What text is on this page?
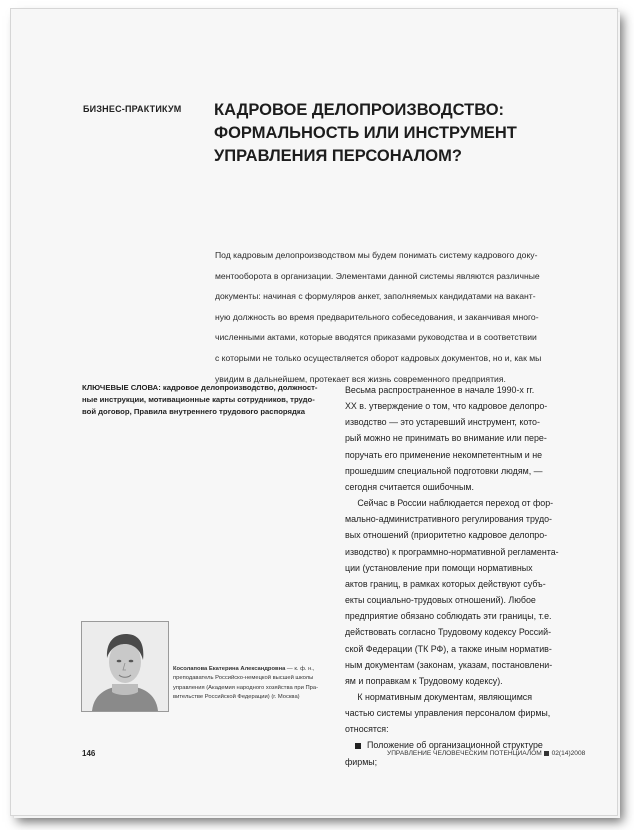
БИЗНЕС-ПРАКТИКУМ КАДРОВОЕ ДЕЛОПРОИЗВОДСТВО:
ФОРМАЛЬНОСТЬ ИЛИ ИНСТРУМЕНТ
УПРАВЛЕНИЯ ПЕРСОНАЛОМ?
Под кадровым делопроизводством мы будем понимать систему кадрового доку-
ментооборота в организации. Элементами данной системы являются различные
документы: начиная с формуляров анкет, заполняемых кандидатами на вакант-
ную должность во время предварительного собеседования, и заканчивая много-
численными актами, которые вводятся приказами руководства и в соответствии
с которыми не только осуществляется оборот кадровых документов, но и, как мы
увидим в дальнейшем, протекает вся жизнь современного предприятия.
КЛЮЧЕВЫЕ СЛОВА: кадровое делопроизводство, должност-
ные инструкции, мотивационные карты сотрудников, трудо-
вой договор, Правила внутреннего трудового распорядка
Весьма распространенное в начале 1990-х гг.
XX в. утверждение о том, что кадровое делопро-
изводство — это устаревший инструмент, кото-
рый можно не принимать во внимание или пере-
поручать его применение некомпетентным и не
прошедшим специальной подготовки людям, —
сегодня считается ошибочным.
Сейчас в России наблюдается переход от фор-
мально-административного регулирования трудо-
вых отношений (приоритетно кадровое делопро-
изводство) к программно-нормативной регламента-
ции (установление при помощи нормативных
актов границ, в рамках которых действуют субъ-
екты социально-трудовых отношений). Любое
предприятие обязано соблюдать эти границы, т.е.
действовать согласно Трудовому кодексу Россий-
ской Федерации (ТК РФ), а также иным норматив-
ным документам (законам, указам, постановлени-
ям и поправкам к Трудовому кодексу).
К нормативным документам, являющимся
частью системы управления персоналом фирмы,
относятся:
Положение об организационной структуре
фирмы;
Косолапова Екатерина Александровна — к. ф. н.,
преподаватель Российско-немецкой высшей школы
управления (Академия народного хозяйства при Пра-
вительстве Российской Федерации) (г. Москва)
146	УПРАВЛЕНИЕ ЧЕЛОВЕЧЕСКИМ ПОТЕНЦИАЛОМ 02(14)2008
